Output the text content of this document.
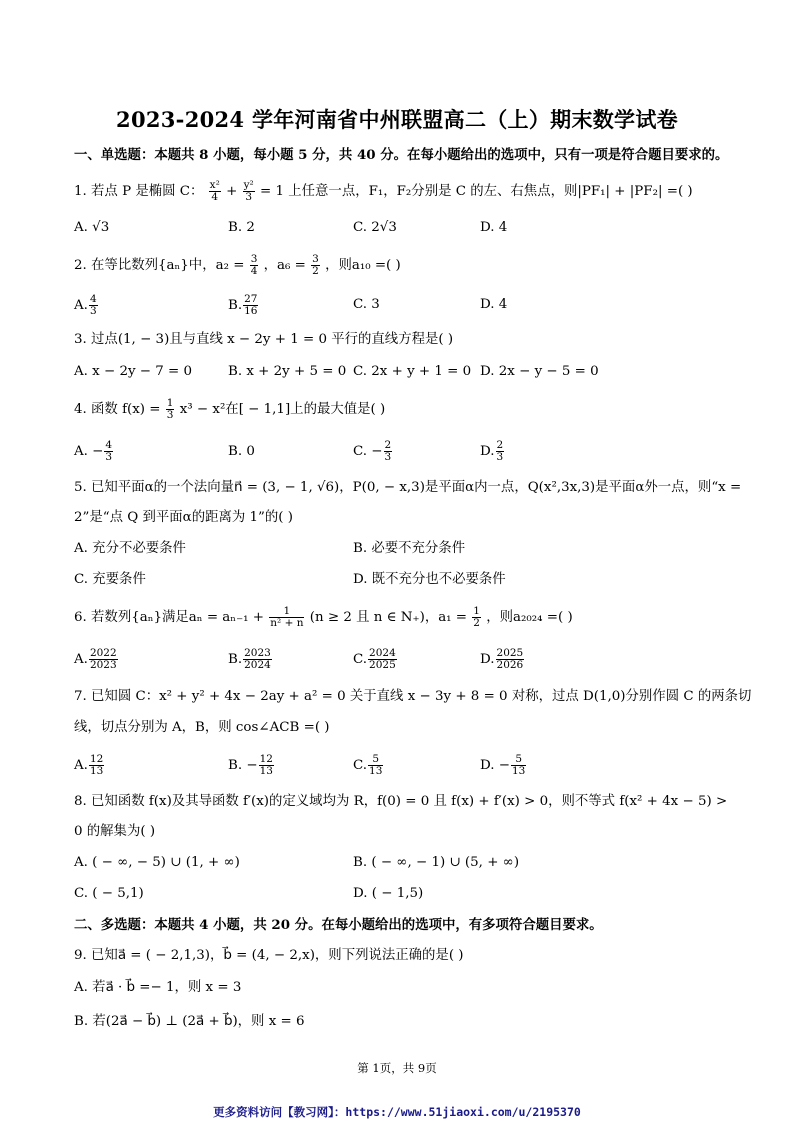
2023-2024 学年河南省中州联盟高二（上）期末数学试卷
一、单选题：本题共 8 小题，每小题 5 分，共 40 分。在每小题给出的选项中，只有一项是符合题目要求的。
1. 若点 P 是椭圆 C： $\frac{\text{x²}}{4} + \frac{\text{y²}}{3} = 1$ 上任意一点，F₁，F₂分别是 C 的左、右焦点，则|PF₁| + |PF₂| =( )
A. √3	B. 2	C. 2√3	D. 4
2. 在等比数列{aₙ}中，$a_2 = \frac{3}{4}$ ，$a_6 = \frac{3}{2}$ ，则a₁₀ =( )
A. $\frac{4}{3}$	B. $\frac{27}{16}$	C. 3	D. 4
3. 过点(1, − 3)且与直线 x − 2y + 1 = 0 平行的直线方程是( )
A. x − 2y − 7 = 0	B. x + 2y + 5 = 0 C. 2x + y + 1 = 0 D. 2x − y − 5 = 0
4. 函数 $f(x) = \frac{1}{3} x^3 - x^2$在[ − 1,1]上的最大值是( )
A. − $\frac{4}{3}$	B. 0	C. − $\frac{2}{3}$	D. $\frac{2}{3}$
5. 已知平面α的一个法向量n⃗ = (3, − 1, √6)，P(0, − x,3)是平面α内一点，Q(x²,3x,3)是平面α外一点，则“x =
2”是“点 Q 到平面α的距离为 1”的( )
A. 充分不必要条件	B. 必要不充分条件
C. 充要条件	D. 既不充分也不必要条件
6. 若数列{aₙ}满足$a_n = a_{n-1} + \frac{1}{\text{n² + n}} (n \ge 2$ 且 n ∈ N₊)，$a_1 = \frac{1}{2}$ ，则a₂₀₂₄ =( )
A. $\frac{2022}{2023}$	B. $\frac{2023}{2024}$	C. $\frac{2024}{2025}$	D. $\frac{2025}{2026}$
7. 已知圆 C：x² + y² + 4x − 2ay + a² = 0 关于直线 x − 3y + 8 = 0 对称，过点 D(1,0)分别作圆 C 的两条切
线，切点分别为 A，B，则 cos∠ACB =( )
A. $\frac{12}{13}$	B. − $\frac{12}{13}$	C. $\frac{5}{13}$	D. − $\frac{5}{13}$
8. 已知函数 f(x)及其导函数 f′(x)的定义域均为 R，f(0) = 0 且 f(x) + f′(x) > 0，则不等式 f(x² + 4x − 5) >
0 的解集为( )
A. ( − ∞, − 5) ∪ (1, + ∞)	B. ( − ∞, − 1) ∪ (5, + ∞)
C. ( − 5,1)	D. ( − 1,5)
二、多选题：本题共 4 小题，共 20 分。在每小题给出的选项中，有多项符合题目要求。
9. 已知a⃗ = ( − 2,1,3)，b⃗ = (4, − 2,x)，则下列说法正确的是( )
A. 若a⃗ · b⃗ =− 1，则 x = 3
B. 若(2a⃗ − b⃗) ⊥ (2a⃗ + b⃗)，则 x = 6
第 1页，共 9页
更多资料访问【教习网】：https://www.51jiaoxi.com/u/2195370
